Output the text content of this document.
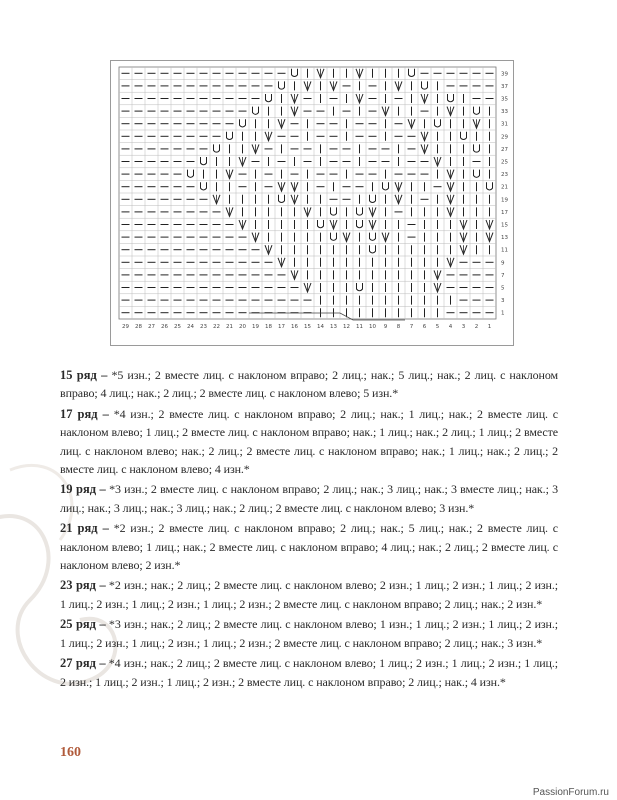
39
37
35
33
31
29
27
25
23
21
19
17
15
13
11
9
7
5
3
1
29 28 27 26 25 24 23 22 21 20 19 18 17 16 15 14 13 12 11 10 9 8 7 6 5 4 3 2 1

15 ряд – *5 изн.; 2 вместе лиц. с наклоном вправо; 2 лиц.; нак.; 5 лиц.; нак.; 2 лиц. с наклоном вправо; 4 лиц.; нак.; 2 лиц.; 2 вместе лиц. с наклоном влево; 5 изн.*

17 ряд – *4 изн.; 2 вместе лиц. с наклоном вправо; 2 лиц.; нак.; 1 лиц.; нак.; 2 вместе лиц. с наклоном влево; 1 лиц.; 2 вместе лиц. с наклоном вправо; нак.; 1 лиц.; нак.; 2 лиц.; 1 лиц.; 2 вместе лиц. с наклоном влево; нак.; 2 лиц.; 2 вместе лиц. с наклоном вправо; нак.; 1 лиц.; нак.; 2 лиц.; 2 вместе лиц. с наклоном влево; 4 изн.*

19 ряд – *3 изн.; 2 вместе лиц. с наклоном вправо; 2 лиц.; нак.; 3 лиц.; нак.; 3 вместе лиц.; нак.; 3 лиц.; нак.; 3 лиц.; нак.; 3 лиц.; нак.; 2 лиц.; 2 вместе лиц. с наклоном влево; 3 изн.*

21 ряд – *2 изн.; 2 вместе лиц. с наклоном вправо; 2 лиц.; нак.; 5 лиц.; нак.; 2 вместе лиц. с наклоном влево; 1 лиц.; нак.; 2 вместе лиц. с наклоном вправо; 4 лиц.; нак.; 2 лиц.; 2 вместе лиц. с наклоном влево; 2 изн.*

23 ряд – *2 изн.; нак.; 2 лиц.; 2 вместе лиц. с наклоном влево; 2 изн.; 1 лиц.; 2 изн.; 1 лиц.; 2 изн.; 1 лиц.; 2 изн.; 1 лиц.; 2 изн.; 1 лиц.; 2 изн.; 2 вместе лиц. с наклоном вправо; 2 лиц.; нак.; 2 изн.*

25 ряд – *3 изн.; нак.; 2 лиц.; 2 вместе лиц. с наклоном влево; 1 изн.; 1 лиц.; 2 изн.; 1 лиц.; 2 изн.; 1 лиц.; 2 изн.; 1 лиц.; 2 изн.; 1 лиц.; 2 изн.; 2 вместе лиц. с наклоном вправо; 2 лиц.; нак.; 3 изн.*

27 ряд – *4 изн.; нак.; 2 лиц.; 2 вместе лиц. с наклоном влево; 1 лиц.; 2 изн.; 1 лиц.; 2 изн.; 1 лиц.; 2 изн.; 1 лиц.; 2 изн.; 1 лиц.; 2 изн.; 2 вместе лиц. с наклоном вправо; 2 лиц.; нак.; 4 изн.*

160
PassionForum.ru
